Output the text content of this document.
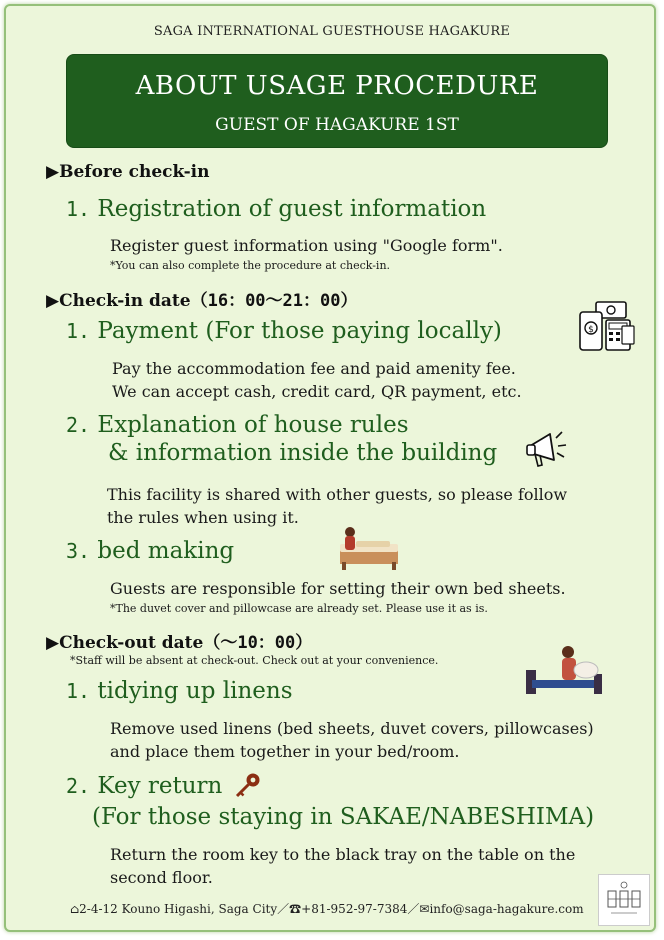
SAGA INTERNATIONAL GUESTHOUSE HAGAKURE
ABOUT USAGE PROCEDURE
GUEST OF HAGAKURE 1ST
▶Before check-in
1. Registration of guest information
Register guest information using "Google form".
*You can also complete the procedure at check-in.
▶Check-in date（16：00〜21：00）
1. Payment (For those paying locally)
Pay the accommodation fee and paid amenity fee.
We can accept cash, credit card, QR payment, etc.
$
2. Explanation of house rules
& information inside the building
This facility is shared with other guests, so please follow
the rules when using it.
3. bed making
Guests are responsible for setting their own bed sheets.
*The duvet cover and pillowcase are already set. Please use it as is.
▶Check-out date（〜10：00）
*Staff will be absent at check-out. Check out at your convenience.
1. tidying up linens
Remove used linens (bed sheets, duvet covers, pillowcases)
and place them together in your bed/room.
2. Key return
(For those staying in SAKAE/NABESHIMA)
Return the room key to the black tray on the table on the
second floor.
⌂2-4-12 Kouno Higashi, Saga City／☎+81-952-97-7384／✉info@saga-hagakure.com
